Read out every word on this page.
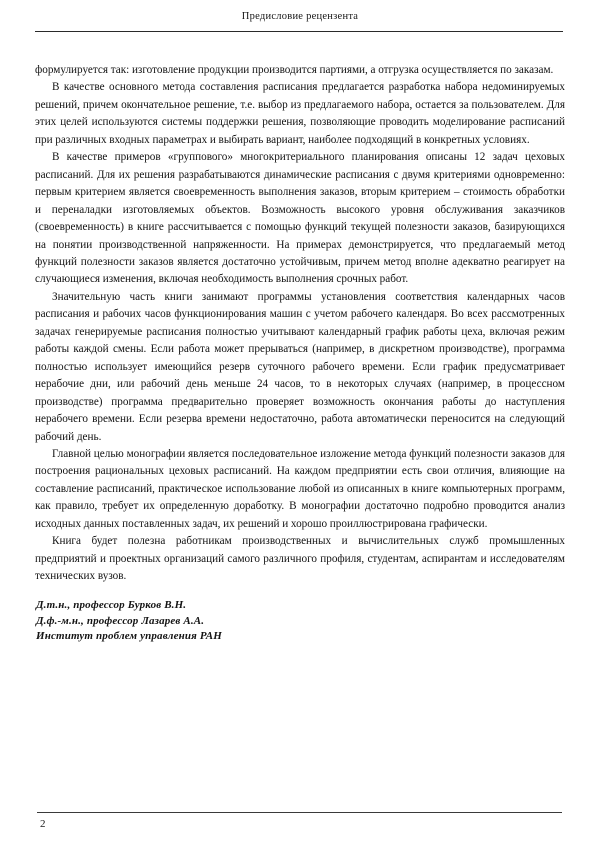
Предисловие рецензента

формулируется так: изготовление продукции производится партиями, а отгрузка осуществляется по заказам.

В качестве основного метода составления расписания предлагается разработка набора недоминируемых решений, причем окончательное решение, т.е. выбор из предлагаемого набора, остается за пользователем. Для этих целей используются системы поддержки решения, позволяющие проводить моделирование расписаний при различных входных параметрах и выбирать вариант, наиболее подходящий в конкретных условиях.

В качестве примеров «группового» многокритериального планирования описаны 12 задач цеховых расписаний. Для их решения разрабатываются динамические расписания с двумя критериями одновременно: первым критерием является своевременность выполнения заказов, вторым критерием – стоимость обработки и переналадки изготовляемых объектов. Возможность высокого уровня обслуживания заказчиков (своевременность) в книге рассчитывается с помощью функций текущей полезности заказов, базирующихся на понятии производственной напряженности. На примерах демонстрируется, что предлагаемый метод функций полезности заказов является достаточно устойчивым, причем метод вполне адекватно реагирует на случающиеся изменения, включая необходимость выполнения срочных работ.

Значительную часть книги занимают программы установления соответствия календарных часов расписания и рабочих часов функционирования машин с учетом рабочего календаря. Во всех рассмотренных задачах генерируемые расписания полностью учитывают календарный график работы цеха, включая режим работы каждой смены. Если работа может прерываться (например, в дискретном производстве), программа полностью использует имеющийся резерв суточного рабочего времени. Если график предусматривает нерабочие дни, или рабочий день меньше 24 часов, то в некоторых случаях (например, в процессном производстве) программа предварительно проверяет возможность окончания работы до наступления нерабочего времени. Если резерва времени недостаточно, работа автоматически переносится на следующий рабочий день.

Главной целью монографии является последовательное изложение метода функций полезности заказов для построения рациональных цеховых расписаний. На каждом предприятии есть свои отличия, влияющие на составление расписаний, практическое использование любой из описанных в книге компьютерных программ, как правило, требует их определенную доработку. В монографии достаточно подробно проводится анализ исходных данных поставленных задач, их решений и хорошо проиллюстрирована графически.

Книга будет полезна работникам производственных и вычислительных служб промышленных предприятий и проектных организаций самого различного профиля, студентам, аспирантам и исследователям технических вузов.

Д.т.н., профессор Бурков В.Н.
Д.ф.-м.н., профессор Лазарев А.А.
Институт проблем управления РАН
2
